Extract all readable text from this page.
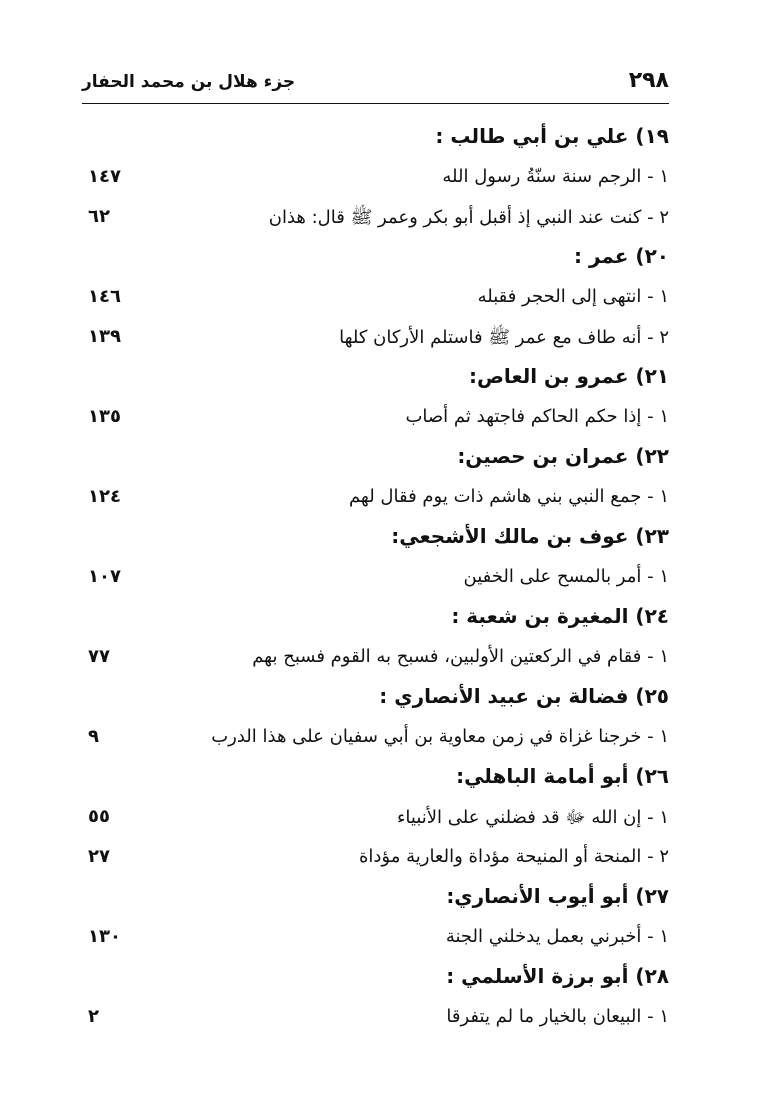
٢٩٨
جزء هلال بن محمد الحفار
١٩) علي بن أبي طالب :
١ - الرجم سنة سنّةُ رسول الله
١٤٧
٢ - كنت عند النبي إذ أقبل أبو بكر وعمر ﷺ قال: هذان
٦٢
٢٠) عمر :
١ - انتهى إلى الحجر فقبله
١٤٦
٢ - أنه طاف مع عمر ﷺ فاستلم الأركان كلها
١٣٩
٢١) عمرو بن العاص:
١ - إذا حكم الحاكم فاجتهد ثم أصاب
١٣٥
٢٢) عمران بن حصين:
١ - جمع النبي بني هاشم ذات يوم فقال لهم
١٢٤
٢٣) عوف بن مالك الأشجعي:
١ - أمر بالمسح على الخفين
١٠٧
٢٤) المغيرة بن شعبة :
١ - فقام في الركعتين الأولبين، فسبح به القوم فسبح بهم
٧٧
٢٥) فضالة بن عبيد الأنصاري :
١ - خرجنا غزاة في زمن معاوية بن أبي سفيان على هذا الدرب
٩
٢٦) أبو أمامة الباهلي:
١ - إن الله ﷻ قد فضلني على الأنبياء
٥٥
٢ - المنحة أو المنيحة مؤداة والعارية مؤداة
٢٧
٢٧) أبو أيوب الأنصاري:
١ - أخبرني بعمل يدخلني الجنة
١٣٠
٢٨) أبو برزة الأسلمي :
١ - البيعان بالخيار ما لم يتفرقا
٢
